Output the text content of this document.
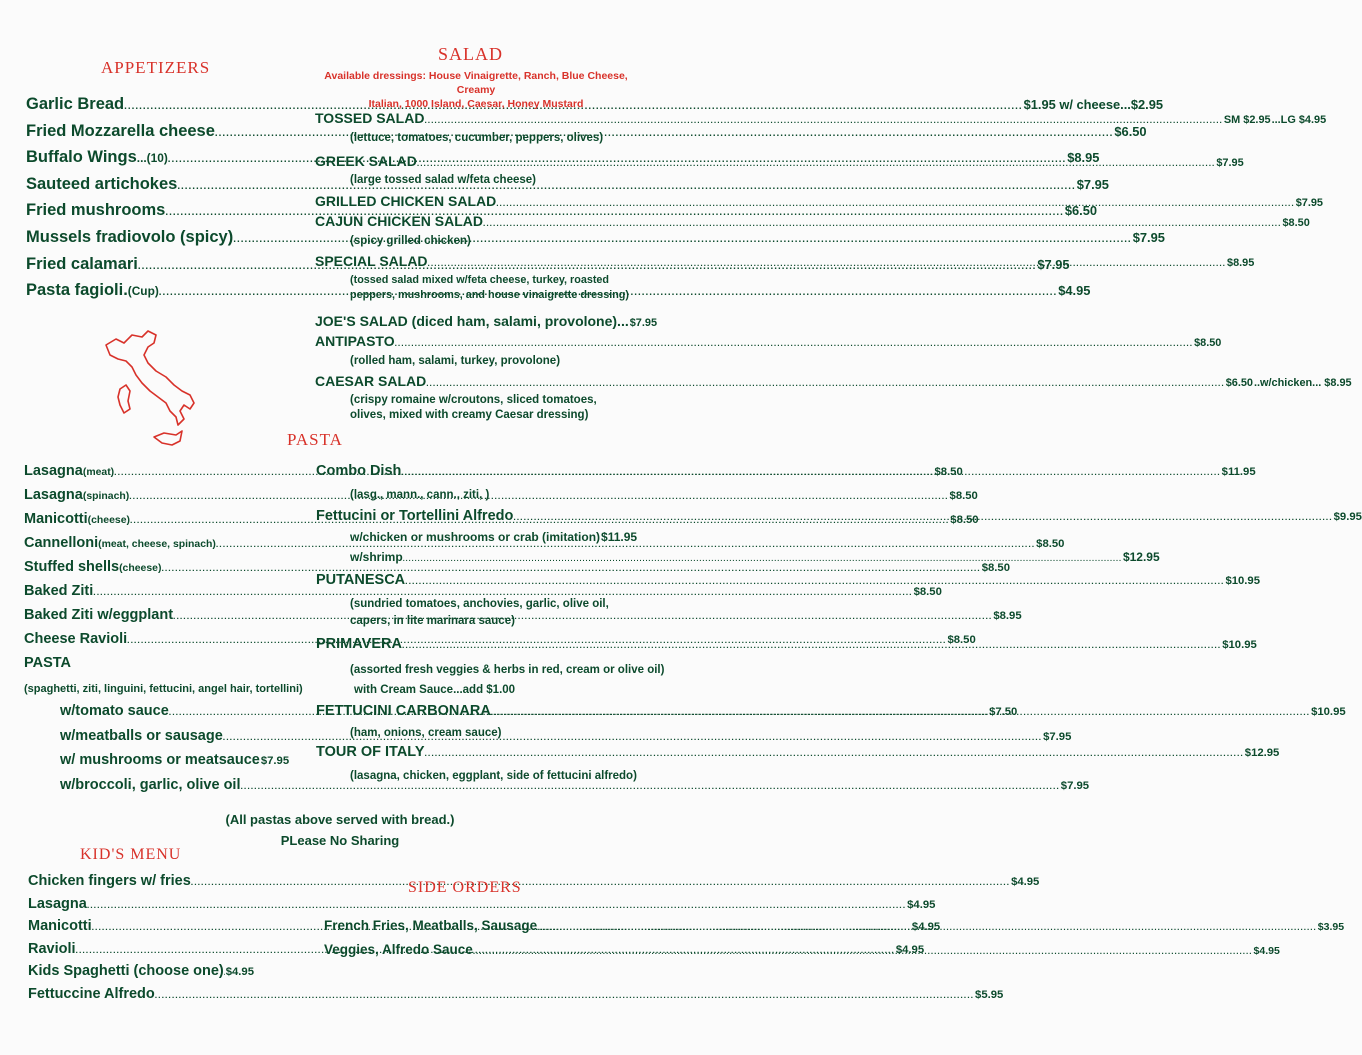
APPETIZERS
Garlic Bread .....	$1.95 w/ cheese...$2.95
Fried Mozzarella cheese .....	$6.50
Buffalo Wings ...(10) .....	$8.95
Sauteed artichokes .....	$7.95
Fried mushrooms .....	$6.50
Mussels fradiovolo (spicy) .....	$7.95
Fried calamari .....	$7.95
Pasta fagioli. (Cup) .....	$4.95
SALAD
Available dressings: House Vinaigrette, Ranch, Blue Cheese, Creamy
Italian, 1000 Island, Caesar, Honey Mustard
TOSSED SALAD .....	SM $2.95 ...LG $4.95
(lettuce, tomatoes, cucumber, peppers, olives)
GREEK SALAD .....	$7.95
(large tossed salad w/feta cheese)
GRILLED CHICKEN SALAD .....	$7.95
CAJUN CHICKEN SALAD .....	$8.50
(spicy grilled chicken)
SPECIAL SALAD .....	$8.95
(tossed salad mixed w/feta cheese, turkey, roasted
peppers, mushrooms, and house vinaigrette dressing)
JOE'S SALAD (diced ham, salami, provolone)... $7.95
ANTIPASTO .....	$8.50
(rolled ham, salami, turkey, provolone)
CAESAR SALAD .....	$6.50 ..w/chicken... $8.95
(crispy romaine w/croutons, sliced tomatoes,
olives, mixed with creamy Caesar dressing)
PASTA
Lasagna (meat) .....	$8.50
Lasagna (spinach) .....	$8.50
Manicotti (cheese) .....	$8.50
Cannelloni (meat, cheese, spinach) .....	$8.50
Stuffed shells (cheese) .....	$8.50
Baked Ziti .....	$8.50
Baked Ziti w/eggplant .....	$8.95
Cheese Ravioli .....	$8.50
PASTA
(spaghetti, ziti, linguini, fettucini, angel hair, tortellini)
w/tomato sauce .....	$7.50
w/meatballs or sausage .....	$7.95
w/ mushrooms or meatsauce $7.95
w/broccoli, garlic, olive oil .....	$7.95
Combo Dish .....	$11.95
(lasg., mann., cann., ziti, )
Fettucini or Tortellini Alfredo .....	$9.95
w/chicken or mushrooms or crab (imitation) $11.95
w/shrimp .....	$12.95
PUTANESCA .....	$10.95
(sundried tomatoes, anchovies, garlic, olive oil,
capers, in lite marinara sauce)
PRIMAVERA .....	$10.95
(assorted fresh veggies & herbs in red, cream or olive oil)
with Cream Sauce...add $1.00
FETTUCINI CARBONARA .....	$10.95
(ham, onions, cream sauce)
TOUR OF ITALY .....	$12.95
(lasagna, chicken, eggplant, side of fettucini alfredo)
(All pastas above served with bread.)
PLease No Sharing
KID'S MENU
Chicken fingers w/ fries .....	$4.95
Lasagna .....	$4.95
Manicotti .....	$4.95
Ravioli .....	$4.95
Kids Spaghetti (choose one) ..... $4.95
Fettuccine Alfredo .....	$5.95
SIDE ORDERS
French Fries, Meatballs, Sausage .....	$3.95
Veggies, Alfredo Sauce .....	$4.95
